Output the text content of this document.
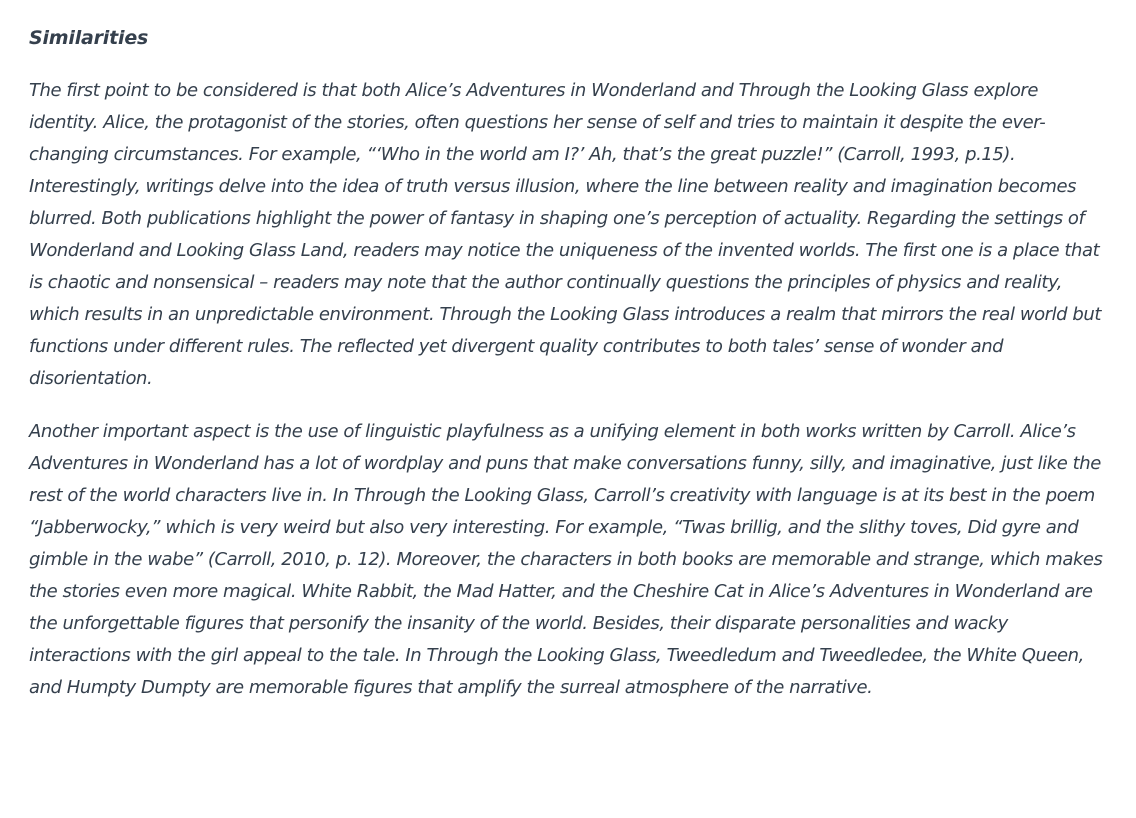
Similarities

The first point to be considered is that both Alice’s Adventures in Wonderland and Through the Looking Glass explore identity. Alice, the protagonist of the stories, often questions her sense of self and tries to maintain it despite the ever-changing circumstances. For example, “‘Who in the world am I?’ Ah, that’s the great puzzle!” (Carroll, 1993, p.15). Interestingly, writings delve into the idea of truth versus illusion, where the line between reality and imagination becomes blurred. Both publications highlight the power of fantasy in shaping one’s perception of actuality. Regarding the settings of Wonderland and Looking Glass Land, readers may notice the uniqueness of the invented worlds. The first one is a place that is chaotic and nonsensical – readers may note that the author continually questions the principles of physics and reality, which results in an unpredictable environment. Through the Looking Glass introduces a realm that mirrors the real world but functions under different rules. The reflected yet divergent quality contributes to both tales’ sense of wonder and disorientation.

Another important aspect is the use of linguistic playfulness as a unifying element in both works written by Carroll. Alice’s Adventures in Wonderland has a lot of wordplay and puns that make conversations funny, silly, and imaginative, just like the rest of the world characters live in. In Through the Looking Glass, Carroll’s creativity with language is at its best in the poem “Jabberwocky,” which is very weird but also very interesting. For example, “Twas brillig, and the slithy toves, Did gyre and gimble in the wabe” (Carroll, 2010, p. 12). Moreover, the characters in both books are memorable and strange, which makes the stories even more magical. White Rabbit, the Mad Hatter, and the Cheshire Cat in Alice’s Adventures in Wonderland are the unforgettable figures that personify the insanity of the world. Besides, their disparate personalities and wacky interactions with the girl appeal to the tale. In Through the Looking Glass, Tweedledum and Tweedledee, the White Queen, and Humpty Dumpty are memorable figures that amplify the surreal atmosphere of the narrative.
